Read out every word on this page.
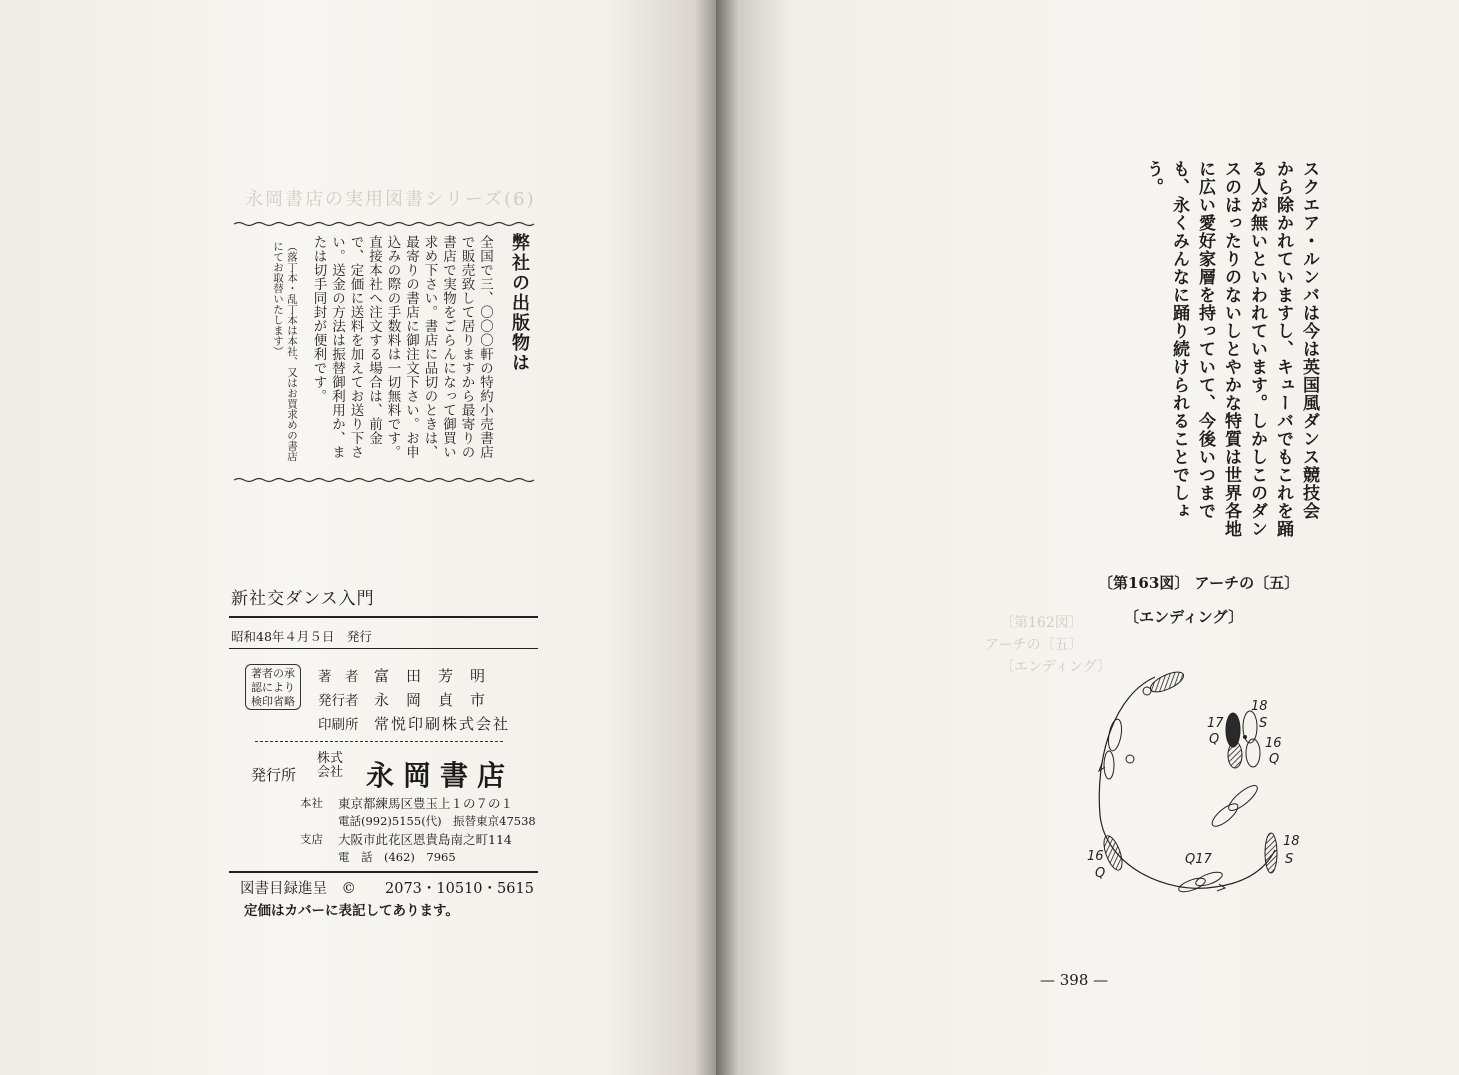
永岡書店の実用図書シリーズ(6)
〔第162図〕
アーチの〔五〕
〔エンディング〕
弊社の出版物は
全国で三、〇〇〇軒の特約小売書店で販売致して居りますから最寄りの書店で実物をごらんになって御買い求め下さい。書店に品切のときは、最寄りの書店に御注文下さい。お申込みの際の手数料は一切無料です。直接本社へ注文する場合は、前金で、定価に送料を加えてお送り下さい。送金の方法は振替御利用か、または切手同封が便利です。
（落丁本・乱丁本は本社、又はお買求めの書店にてお取替いたします）
新社交ダンス入門
昭和48年４月５日　発行
著者の承認により検印省略
著　者 富田芳明
発行者 永岡貞市
印刷所 常悦印刷株式会社
発行所
株式会社 永岡書店
本社 東京都練馬区豊玉上１の７の１
電話(992)5155(代)　振替東京47538
支店 大阪市此花区恩貴島南之町114
電　話　(462)　7965
図書目録進呈　©　　2073・10510・5615
定価はカバーに表記してあります。
スクエア・ルンバは今は英国風ダンス競技会
から除かれていますし、キューバでもこれを踊
る人が無いといわれています。しかしこのダン
スのはったりのないしとやかな特質は世界各地
に広い愛好家層を持っていて、今後いつまで
も、永くみんなに踊り続けられることでしょう。
〔第163図〕 アーチの〔五〕
〔エンディング〕
18
S
17
Q	16
Q
16
Q
Q17
18
S
— 398 —
